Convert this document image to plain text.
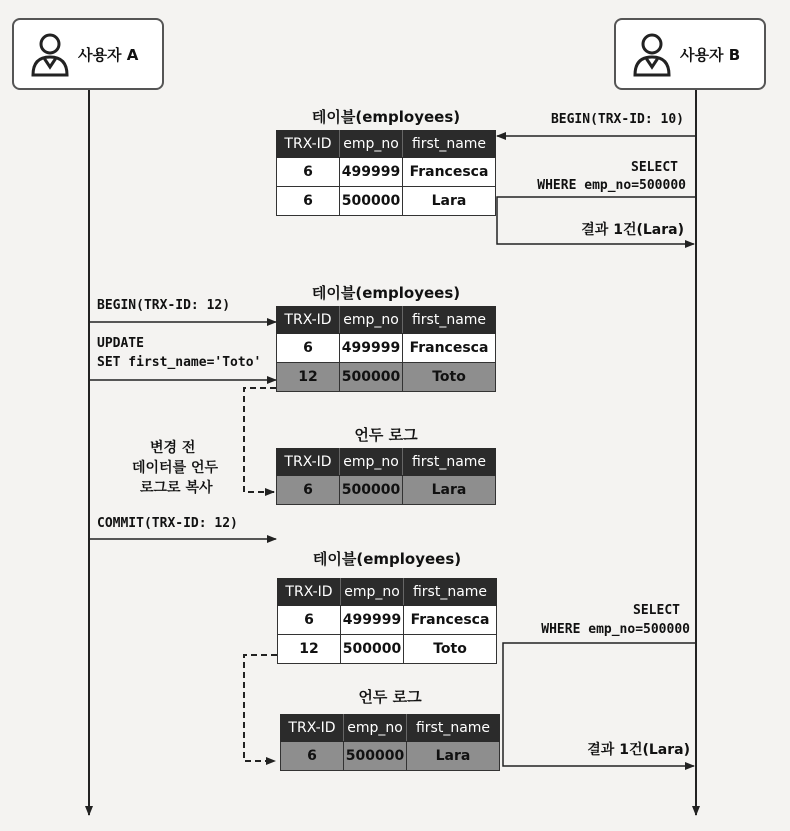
사용자 A	사용자 B
테이블(employees)
TRX-ID	emp_no	first_name
6	499999	Francesca
6	500000	Lara
테이블(employees)
TRX-ID	emp_no	first_name
6	499999	Francesca
12	500000	Toto
언두 로그
TRX-ID	emp_no	first_name
6	500000	Lara
테이블(employees)
TRX-ID	emp_no	first_name
6	499999	Francesca
12	500000	Toto
언두 로그
TRX-ID	emp_no	first_name
6	500000	Lara
BEGIN(TRX-ID: 10)
SELECT
WHERE emp_no=500000
결과 1건(Lara)
BEGIN(TRX-ID: 12)
UPDATE
SET first_name='Toto'
변경 전
데이터를 언두
로그로 복사
COMMIT(TRX-ID: 12)
SELECT
WHERE emp_no=500000
결과 1건(Lara)
